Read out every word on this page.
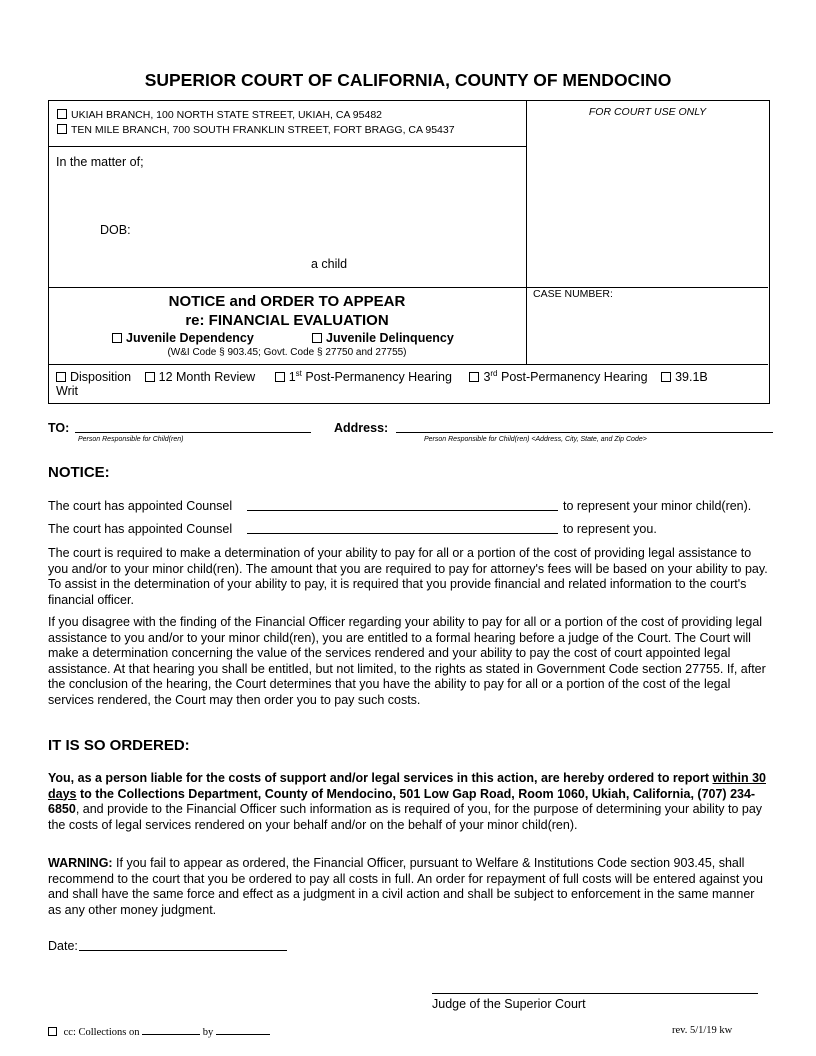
SUPERIOR COURT OF CALIFORNIA, COUNTY OF MENDOCINO
UKIAH BRANCH, 100 NORTH STATE STREET, UKIAH, CA 95482
TEN MILE BRANCH, 700 SOUTH FRANKLIN STREET, FORT BRAGG, CA 95437
FOR COURT USE ONLY
In the matter of;
DOB:
a child
CASE NUMBER:
NOTICE and ORDER TO APPEAR
re: FINANCIAL EVALUATION
Juvenile Dependency	Juvenile Delinquency
(W&I Code § 903.45; Govt. Code § 27750 and 27755)
Disposition 12 Month Review	1st Post-Permanency Hearing	3rd Post-Permanency Hearing 39.1B
Writ
TO:
Person Responsible for Child(ren)
Address:
Person Responsible for Child(ren) <Address, City, State, and Zip Code>
NOTICE:
The court has appointed Counsel	to represent your minor child(ren).
The court has appointed Counsel	to represent you.
The court is required to make a determination of your ability to pay for all or a portion of the cost of providing legal assistance to you and/or to your minor child(ren). The amount that you are required to pay for attorney's fees will be based on your ability to pay. To assist in the determination of your ability to pay, it is required that you provide financial and related information to the court's financial officer.
If you disagree with the finding of the Financial Officer regarding your ability to pay for all or a portion of the cost of providing legal assistance to you and/or to your minor child(ren), you are entitled to a formal hearing before a judge of the Court. The Court will make a determination concerning the value of the services rendered and your ability to pay the cost of court appointed legal assistance. At that hearing you shall be entitled, but not limited, to the rights as stated in Government Code section 27755. If, after the conclusion of the hearing, the Court determines that you have the ability to pay for all or a portion of the cost of the legal services rendered, the Court may then order you to pay such costs.
IT IS SO ORDERED:
You, as a person liable for the costs of support and/or legal services in this action, are hereby ordered to report within 30 days to the Collections Department, County of Mendocino, 501 Low Gap Road, Room 1060, Ukiah, California, (707) 234-6850, and provide to the Financial Officer such information as is required of you, for the purpose of determining your ability to pay the costs of legal services rendered on your behalf and/or on the behalf of your minor child(ren).
WARNING: If you fail to appear as ordered, the Financial Officer, pursuant to Welfare & Institutions Code section 903.45, shall recommend to the court that you be ordered to pay all costs in full. An order for repayment of full costs will be entered against you and shall have the same force and effect as a judgment in a civil action and shall be subject to enforcement in the same manner as any other money judgment.
Date:
Judge of the Superior Court
cc: Collections on	by	rev. 5/1/19 kw
